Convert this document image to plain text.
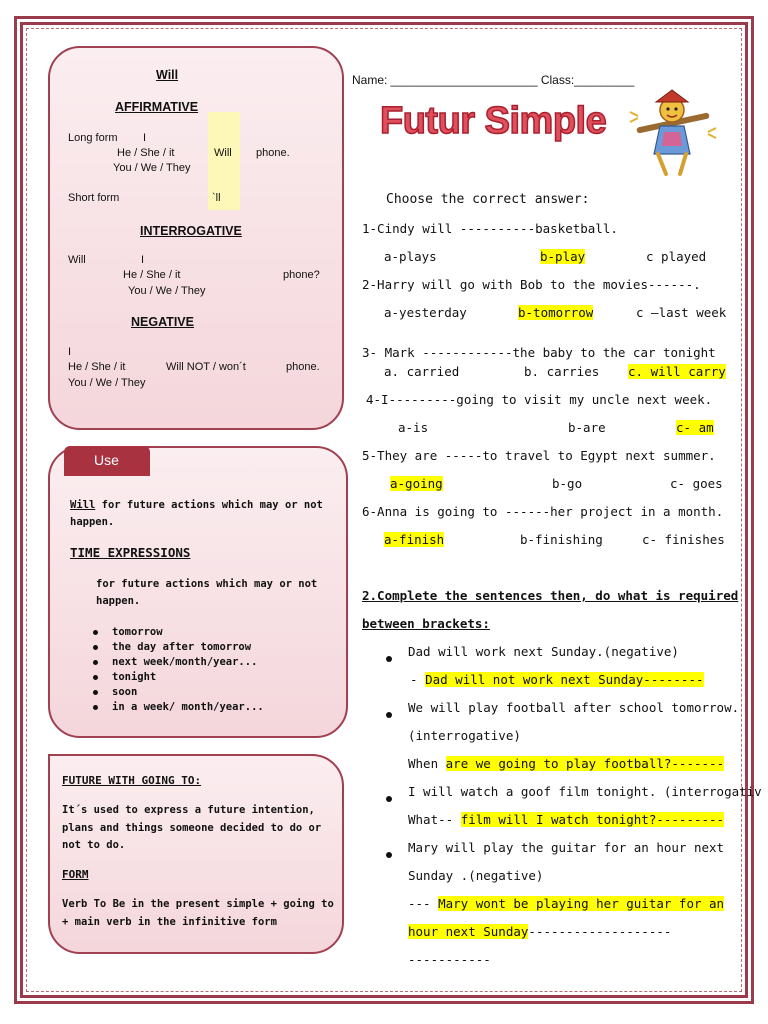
Will
AFFIRMATIVE
Long form I
He / She / it	Will phone.
You / We / They
Short form	`ll
INTERROGATIVE
Will	I
He / She / it	phone?
You / We / They
NEGATIVE
I
He / She / it	Will NOT / won´t	phone.
You / We / They
Use
Will for future actions which may or not
happen.
TIME EXPRESSIONS
for future actions which may or not
happen.
tomorrow
the day after tomorrow
next week/month/year...
tonight
soon
in a week/ month/year...
FUTURE WITH GOING TO:
It´s used to express a future intention,
plans and things someone decided to do or
not to do.
FORM
Verb To Be in the present simple + going to
+ main verb in the infinitive form
Name: ______________________ Class:_________
Futur Simple
Choose the correct answer:
1-Cindy will ----------basketball.
a-plays	b-play	c played
2-Harry will go with Bob to the movies------.
a-yesterday	b-tomorrow	c –last week
3- Mark ------------the baby to the car tonight
a. carried	b. carries c. will carry
4-I---------going to visit my uncle next week.
a-is	b-are	c- am
5-They are -----to travel to Egypt next summer.
a-going	b-go	c- goes
6-Anna is going to ------her project in a month.
a-finish	b-finishing	c- finishes
2.Complete the sentences then, do what is required
between brackets:
Dad will work next Sunday.(negative)
- Dad will not work next Sunday--------
We will play football after school tomorrow.
(interrogative)
When are we going to play football?-------
I will watch a goof film tonight. (interrogativ
What-- film will I watch tonight?---------
Mary will play the guitar for an hour next
Sunday .(negative)
--- Mary wont be playing her guitar for an
hour next Sunday-------------------
-----------
